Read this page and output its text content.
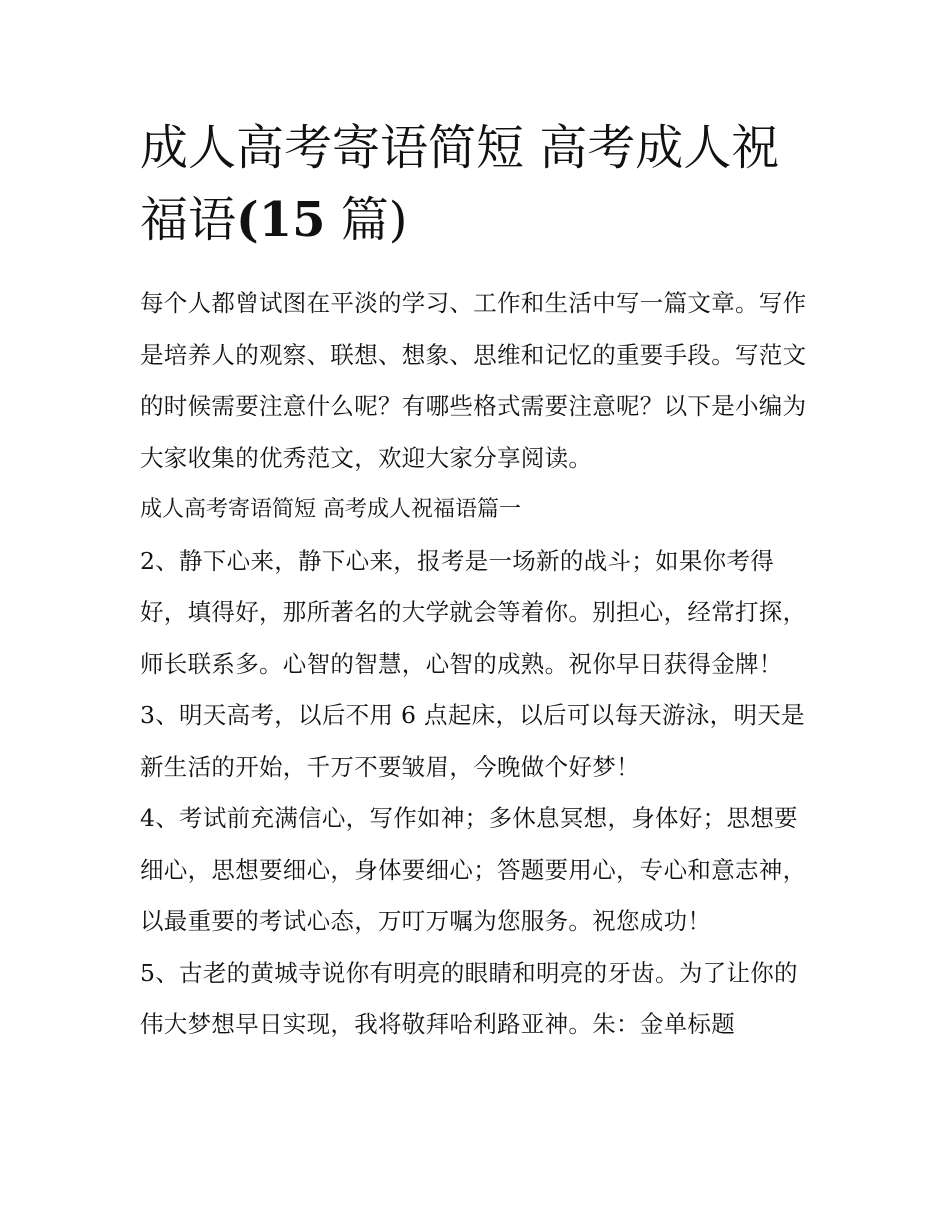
成人高考寄语简短 高考成人祝福语(15 篇)

每个人都曾试图在平淡的学习、工作和生活中写一篇文章。写作是培养人的观察、联想、想象、思维和记忆的重要手段。写范文的时候需要注意什么呢？有哪些格式需要注意呢？以下是小编为大家收集的优秀范文，欢迎大家分享阅读。

成人高考寄语简短 高考成人祝福语篇一

2、静下心来，静下心来，报考是一场新的战斗；如果你考得好，填得好，那所著名的大学就会等着你。别担心，经常打探，师长联系多。心智的智慧，心智的成熟。祝你早日获得金牌！

3、明天高考，以后不用 6 点起床，以后可以每天游泳，明天是新生活的开始，千万不要皱眉，今晚做个好梦！

4、考试前充满信心，写作如神；多休息冥想，身体好；思想要细心，思想要细心，身体要细心；答题要用心，专心和意志神，以最重要的考试心态，万叮万嘱为您服务。祝您成功！

5、古老的黄城寺说你有明亮的眼睛和明亮的牙齿。为了让你的伟大梦想早日实现，我将敬拜哈利路亚神。朱：金单标题
